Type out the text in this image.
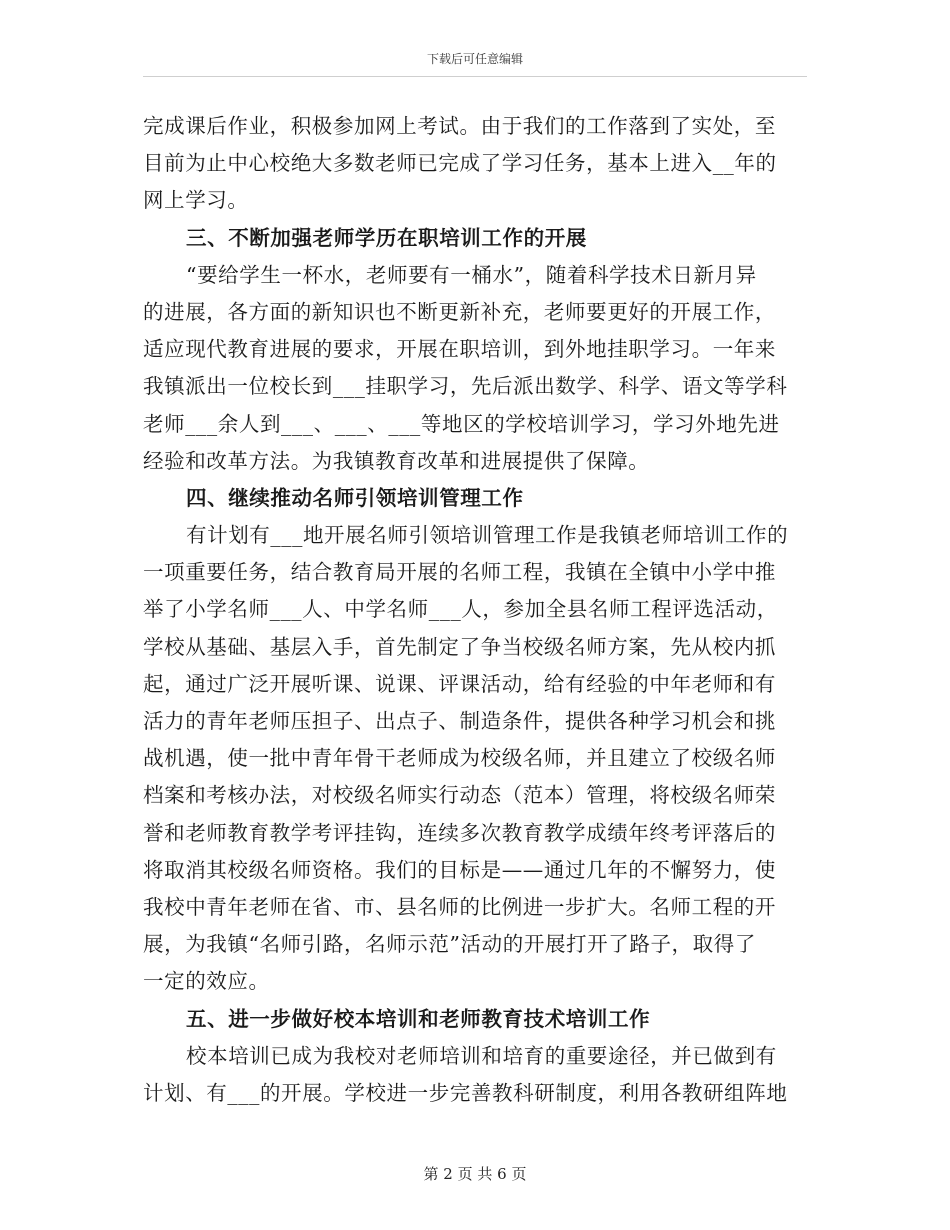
下载后可任意编辑
完成课后作业，积极参加网上考试。由于我们的工作落到了实处，至
目前为止中心校绝大多数老师已完成了学习任务，基本上进入__年的
网上学习。
三、不断加强老师学历在职培训工作的开展
“要给学生一杯水，老师要有一桶水”，随着科学技术日新月异
的进展，各方面的新知识也不断更新补充，老师要更好的开展工作，
适应现代教育进展的要求，开展在职培训，到外地挂职学习。一年来
我镇派出一位校长到___挂职学习，先后派出数学、科学、语文等学科
老师___余人到___、___、___等地区的学校培训学习，学习外地先进
经验和改革方法。为我镇教育改革和进展提供了保障。
四、继续推动名师引领培训管理工作
有计划有___地开展名师引领培训管理工作是我镇老师培训工作的
一项重要任务，结合教育局开展的名师工程，我镇在全镇中小学中推
举了小学名师___人、中学名师___人，参加全县名师工程评选活动，
学校从基础、基层入手，首先制定了争当校级名师方案，先从校内抓
起，通过广泛开展听课、说课、评课活动，给有经验的中年老师和有
活力的青年老师压担子、出点子、制造条件，提供各种学习机会和挑
战机遇，使一批中青年骨干老师成为校级名师，并且建立了校级名师
档案和考核办法，对校级名师实行动态（范本）管理，将校级名师荣
誉和老师教育教学考评挂钩，连续多次教育教学成绩年终考评落后的
将取消其校级名师资格。我们的目标是——通过几年的不懈努力，使
我校中青年老师在省、市、县名师的比例进一步扩大。名师工程的开
展，为我镇“名师引路，名师示范”活动的开展打开了路子，取得了
一定的效应。
五、进一步做好校本培训和老师教育技术培训工作
校本培训已成为我校对老师培训和培育的重要途径，并已做到有
计划、有___的开展。学校进一步完善教科研制度，利用各教研组阵地
第 2 页 共 6 页
